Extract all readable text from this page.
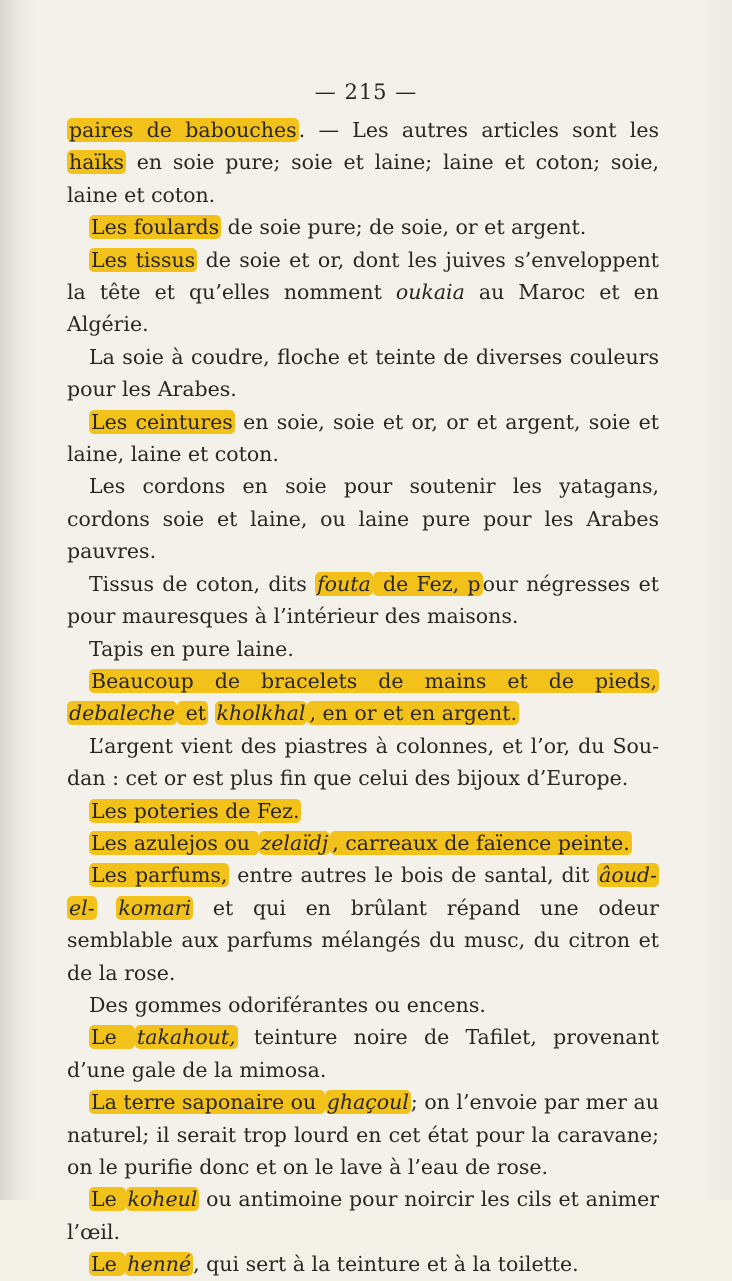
— 215 —

paires de babouches. — Les autres articles sont les haïks en soie pure; soie et laine; laine et coton; soie, laine et coton.

Les foulards de soie pure; de soie, or et argent.

Les tissus de soie et or, dont les juives s’enveloppent la tête et qu’elles nomment oukaia au Maroc et en Algérie.

La soie à coudre, floche et teinte de diverses couleurs pour les Arabes.

Les ceintures en soie, soie et or, or et argent, soie et laine, laine et coton.

Les cordons en soie pour soutenir les yatagans, cordons soie et laine, ou laine pure pour les Arabes pauvres.

Tissus de coton, dits fouta de Fez, pour négresses et pour mauresques à l’intérieur des maisons.

Tapis en pure laine.

Beaucoup de bracelets de mains et de pieds, debaleche et kholkhal , en or et en argent.

L’argent vient des piastres à colonnes, et l’or, du Sou- dan : cet or est plus fin que celui des bijoux d’Europe.

Les poteries de Fez.

Les azulejos ou zelaïdj , carreaux de faïence peinte.

Les parfums, entre autres le bois de santal, dit âoud-el- komari et qui en brûlant répand une odeur semblable aux parfums mélangés du musc, du citron et de la rose.

Des gommes odoriférantes ou encens.

Le takahout, teinture noire de Tafilet, provenant d’une gale de la mimosa.

La terre saponaire ou ghaçoul; on l’envoie par mer au naturel; il serait trop lourd en cet état pour la caravane; on le purifie donc et on le lave à l’eau de rose.

Le koheul ou antimoine pour noircir les cils et animer l’œil.

Le henné, qui sert à la teinture et à la toilette.
